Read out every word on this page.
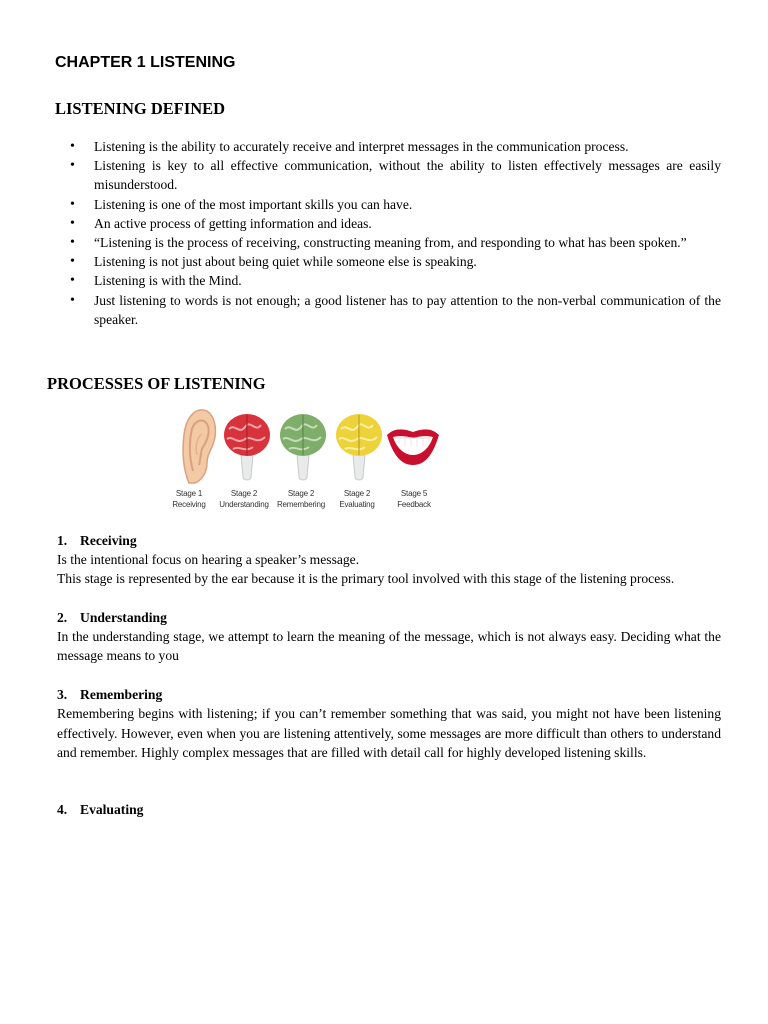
CHAPTER 1 LISTENING
LISTENING DEFINED
• Listening is the ability to accurately receive and interpret messages in the communication process.
• Listening is key to all effective communication, without the ability to listen effectively messages are easily misunderstood.
• Listening is one of the most important skills you can have.
• An active process of getting information and ideas.
• “Listening is the process of receiving, constructing meaning from, and responding to what has been spoken.”
• Listening is not just about being quiet while someone else is speaking.
• Listening is with the Mind.
• Just listening to words is not enough; a good listener has to pay attention to the non-verbal communication of the speaker.
PROCESSES OF LISTENING
Stage 1
Receiving
Stage 2
Understanding
Stage 2
Remembering
Stage 2
Evaluating
Stage 5
Feedback
1. Receiving

Is the intentional focus on hearing a speaker’s message.

This stage is represented by the ear because it is the primary tool involved with this stage of the listening process.

2. Understanding

In the understanding stage, we attempt to learn the meaning of the message, which is not always easy. Deciding what the message means to you

3. Remembering

Remembering begins with listening; if you can’t remember something that was said, you might not have been listening effectively. However, even when you are listening attentively, some messages are more difficult than others to understand and remember. Highly complex messages that are filled with detail call for highly developed listening skills.

4. Evaluating
